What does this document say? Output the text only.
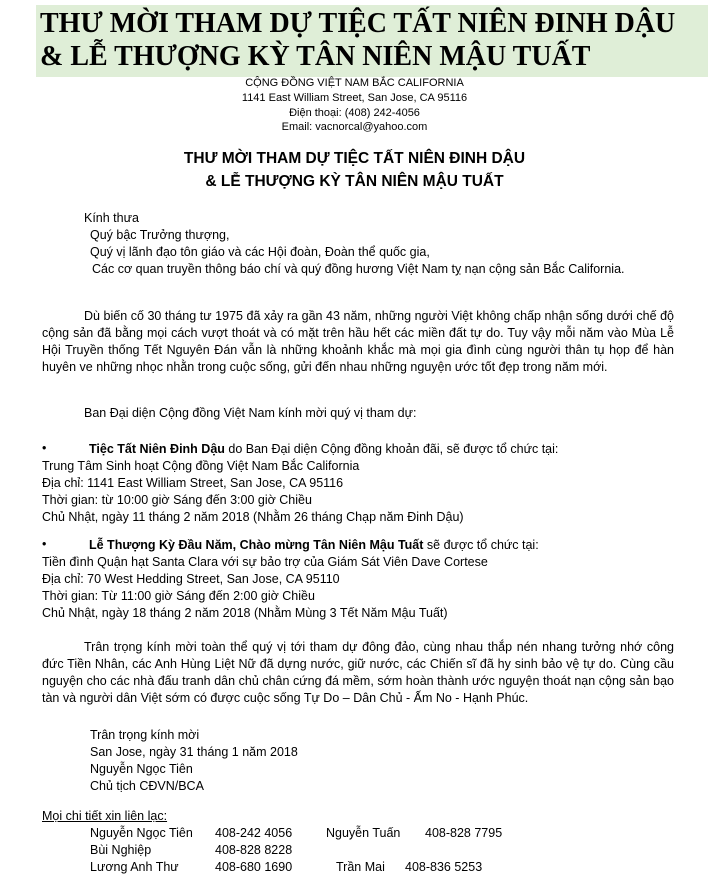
THƯ MỜI THAM DỰ TIỆC TẤT NIÊN ĐINH DẬU
& LỄ THƯỢNG KỲ TÂN NIÊN MẬU TUẤT
CỘNG ĐỒNG VIỆT NAM BẮC CALIFORNIA
1141 East William Street, San Jose, CA 95116
Điện thoại: (408) 242-4056
Email: vacnorcal@yahoo.com
THƯ MỜI THAM DỰ TIỆC TẤT NIÊN ĐINH DẬU
& LỄ THƯỢNG KỲ TÂN NIÊN MẬU TUẤT
Kính thưa
Quý bậc Trưởng thượng,
Quý vị lãnh đạo tôn giáo và các Hội đoàn, Đoàn thể quốc gia,
Các cơ quan truyền thông báo chí và quý đồng hương Việt Nam tỵ nạn cộng sản Bắc California.
Dù biến cố 30 tháng tư 1975 đã xảy ra gần 43 năm, những người Việt không chấp nhận sống dưới chế độ cộng sản đã bằng mọi cách vượt thoát và có mặt trên hầu hết các miền đất tự do. Tuy vậy mỗi năm vào Mùa Lễ Hội Truyền thống Tết Nguyên Đán vẫn là những khoảnh khắc mà mọi gia đình cùng người thân tụ họp để hàn huyên ve những nhọc nhằn trong cuộc sống, gửi đến nhau những nguyện ước tốt đẹp trong năm mới.
Ban Đại diện Cộng đồng Việt Nam kính mời quý vị tham dự:
•	Tiệc Tất Niên Đinh Dậu do Ban Đại diện Cộng đồng khoản đãi, sẽ được tổ chức tại:
Trung Tâm Sinh hoạt Cộng đồng Việt Nam Bắc California
Địa chỉ: 1141 East William Street, San Jose, CA 95116
Thời gian: từ 10:00 giờ Sáng đến 3:00 giờ Chiều
Chủ Nhật, ngày 11 tháng 2 năm 2018 (Nhằm 26 tháng Chạp năm Đinh Dậu)
•	Lễ Thượng Kỳ Đầu Năm, Chào mừng Tân Niên Mậu Tuất sẽ được tổ chức tại:
Tiền đình Quận hạt Santa Clara với sự bảo trợ của Giám Sát Viên Dave Cortese
Địa chỉ: 70 West Hedding Street, San Jose, CA 95110
Thời gian: Từ 11:00 giờ Sáng đến 2:00 giờ Chiều
Chủ Nhật, ngày 18 tháng 2 năm 2018 (Nhằm Mùng 3 Tết Năm Mậu Tuất)
Trân trọng kính mời toàn thể quý vị tới tham dự đông đảo, cùng nhau thắp nén nhang tưởng nhớ công đức Tiền Nhân, các Anh Hùng Liệt Nữ đã dựng nước, giữ nước, các Chiến sĩ đã hy sinh bảo vệ tự do. Cùng cầu nguyện cho các nhà đấu tranh dân chủ chân cứng đá mềm, sớm hoàn thành ước nguyện thoát nạn cộng sản bạo tàn và người dân Việt sớm có được cuộc sống Tự Do – Dân Chủ - Ấm No - Hạnh Phúc.
Trân trọng kính mời
San Jose, ngày 31 tháng 1 năm 2018
Nguyễn Ngọc Tiên
Chủ tịch CĐVN/BCA
Mọi chi tiết xin liên lạc:
Nguyễn Ngọc Tiên 408-242 4056	Nguyễn Tuấn 408-828 7795
Bùi Nghiệp	408-828 8228
Lương Anh Thư	408-680 1690	Trần Mai 408-836 5253
